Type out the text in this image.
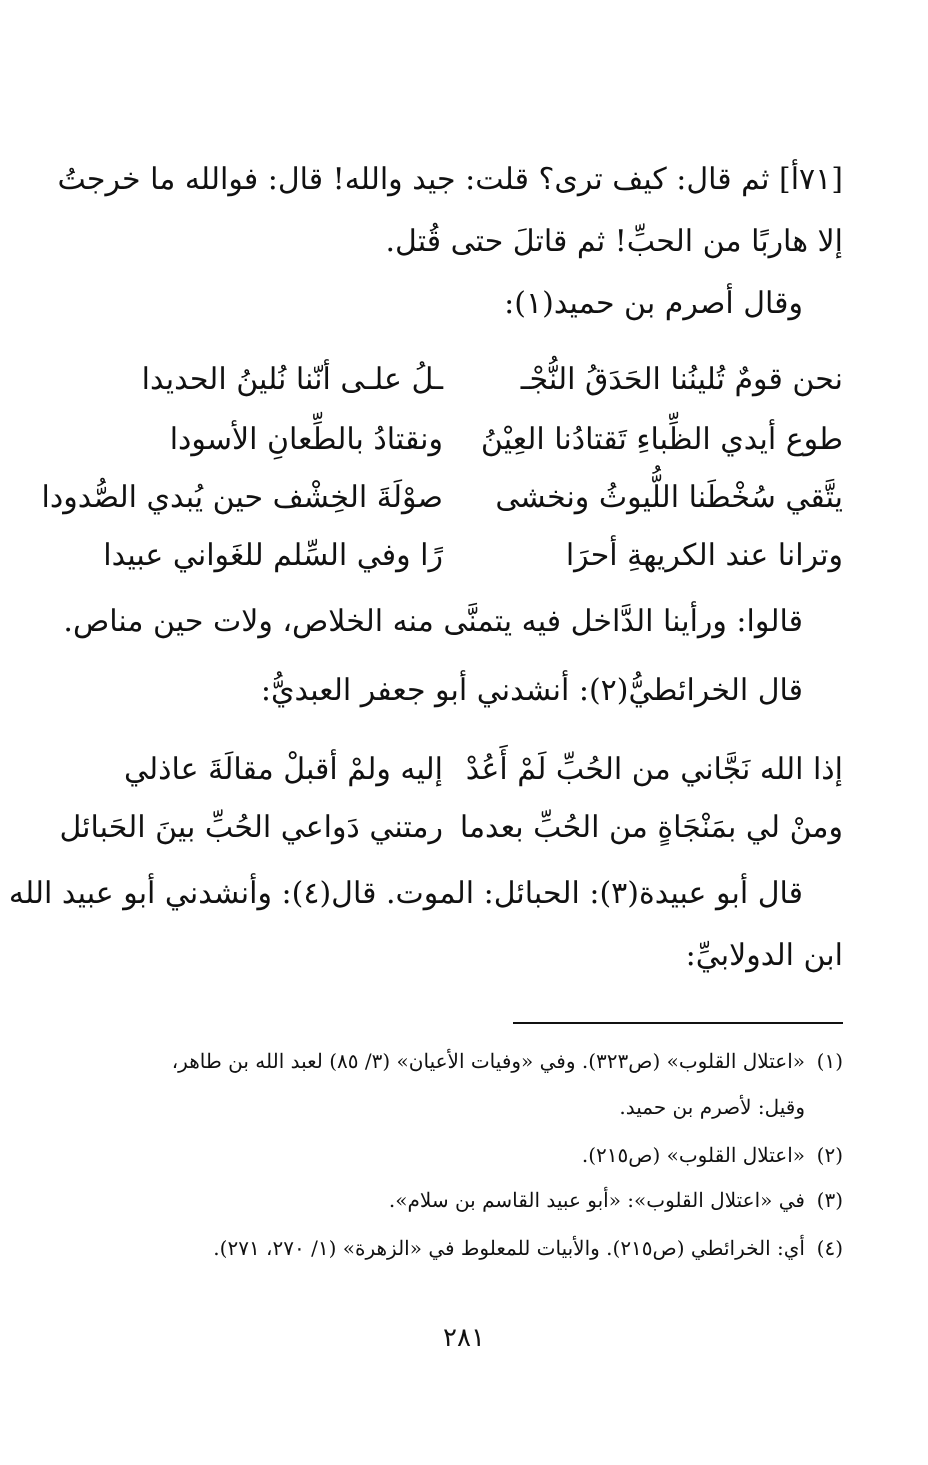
[٧١أ] ثم قال: كيف ترى؟ قلت: جيد والله! قال: فوالله ما خرجتُ

إلا هاربًا من الحبِّ! ثم قاتلَ حتى قُتل.

وقال أصرم بن حميد(١):

نحن قومٌ تُلينُنا الحَدَقُ النُّجْـ
ـلُ علـى أنّنا نُلينُ الحديدا
طوع أيدي الظِّباءِ تَقتادُنا العِيْنُ
ونقتادُ بالطِّعانِ الأسودا
يتَّقي سُخْطَنا اللُّيوثُ ونخشى
صوْلَةَ الخِشْف حين يُبدي الصُّدودا
وترانا عند الكريهةِ أحرَا
رًا وفي السِّلم للغَواني عبيدا

قالوا: ورأينا الدَّاخل فيه يتمنَّى منه الخلاص، ولات حين مناص.

قال الخرائطيُّ(٢): أنشدني أبو جعفر العبديُّ:

إذا الله نَجَّاني من الحُبِّ لَمْ أَعُدْ
إليه ولمْ أقبلْ مقالَةَ عاذلي
ومنْ لي بمَنْجَاةٍ من الحُبِّ بعدما
رمتني دَواعي الحُبِّ بينَ الحَبائل

قال أبو عبيدة(٣): الحبائل: الموت. قال(٤): وأنشدني أبو عبيد الله

ابن الدولابيِّ:

(١)«اعتلال القلوب» (ص٣٢٣). وفي «وفيات الأعيان» (٣/ ٨٥) لعبد الله بن طاهر،
وقيل: لأصرم بن حميد.
(٢)«اعتلال القلوب» (ص٢١٥).
(٣)في «اعتلال القلوب»: «أبو عبيد القاسم بن سلام».
(٤)أي: الخرائطي (ص٢١٥). والأبيات للمعلوط في «الزهرة» (١/ ٢٧٠، ٢٧١).
٢٨١
